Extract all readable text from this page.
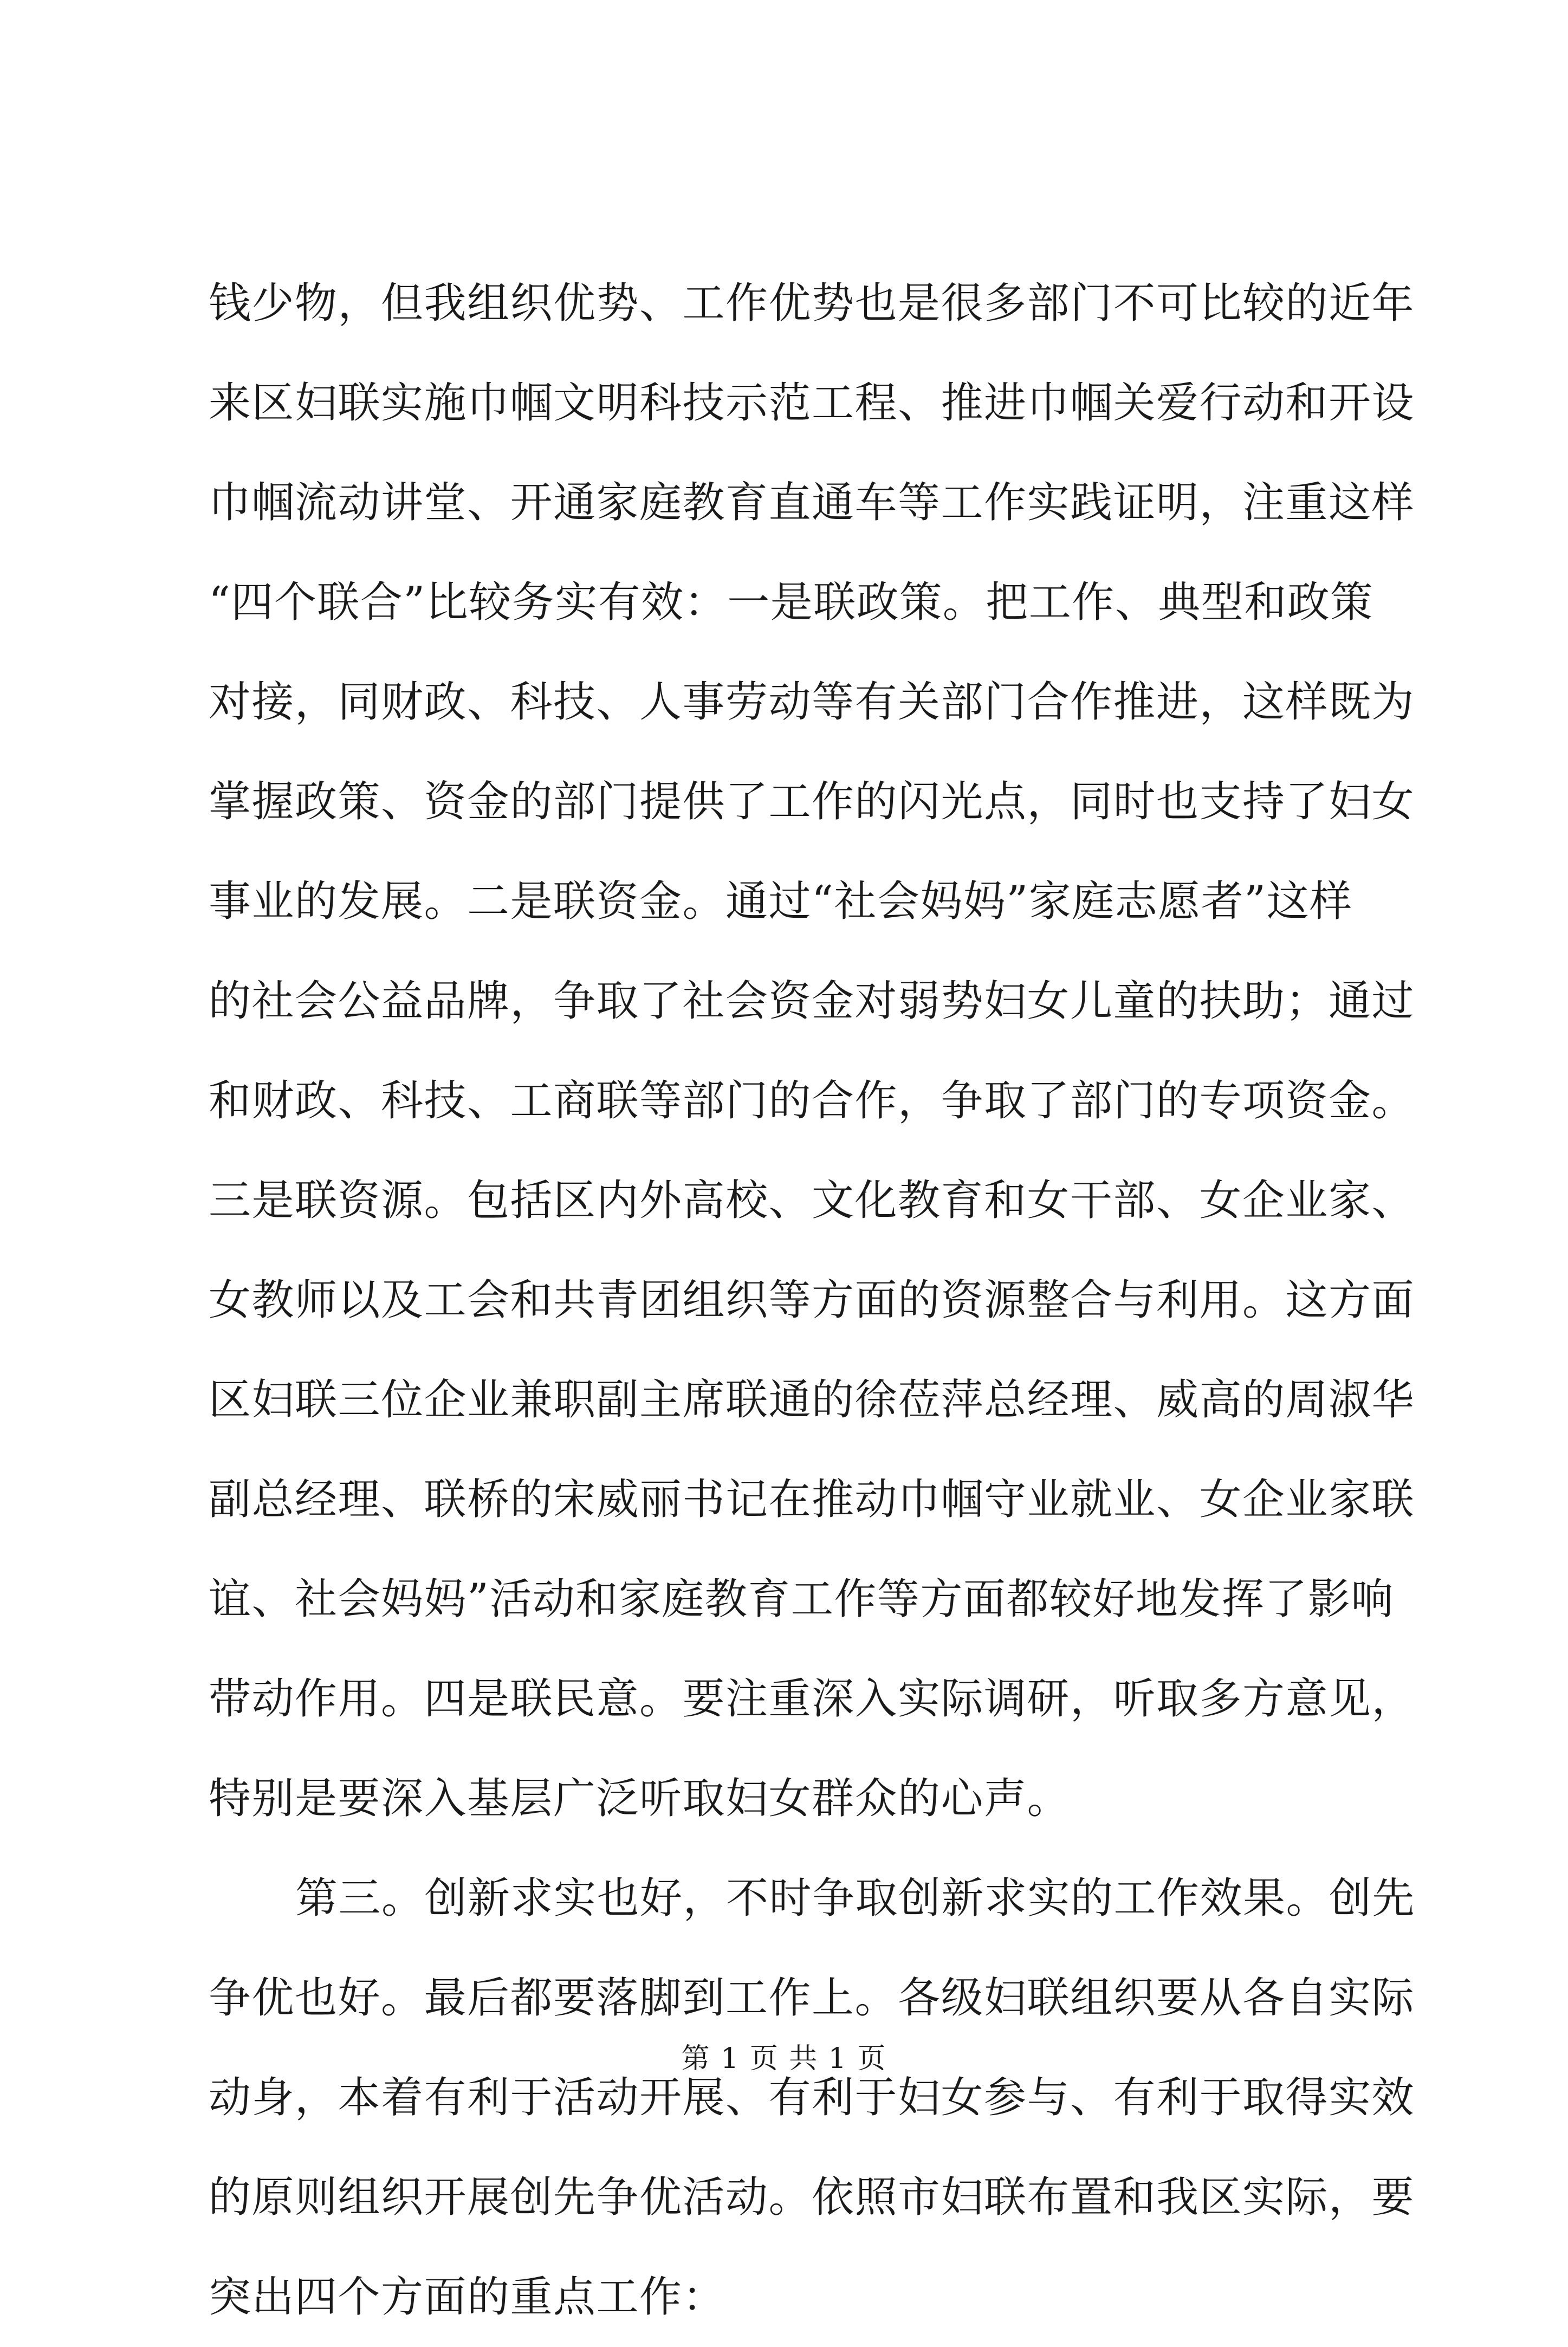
钱少物，但我组织优势、工作优势也是很多部门不可比较的近年
来区妇联实施巾帼文明科技示范工程、推进巾帼关爱行动和开设
巾帼流动讲堂、开通家庭教育直通车等工作实践证明，注重这样
“四个联合”比较务实有效：一是联政策。把工作、典型和政策
对接，同财政、科技、人事劳动等有关部门合作推进，这样既为
掌握政策、资金的部门提供了工作的闪光点，同时也支持了妇女
事业的发展。二是联资金。通过“社会妈妈”家庭志愿者”这样
的社会公益品牌，争取了社会资金对弱势妇女儿童的扶助；通过
和财政、科技、工商联等部门的合作，争取了部门的专项资金。
三是联资源。包括区内外高校、文化教育和女干部、女企业家、
女教师以及工会和共青团组织等方面的资源整合与利用。这方面
区妇联三位企业兼职副主席联通的徐莅萍总经理、威高的周淑华
副总经理、联桥的宋威丽书记在推动巾帼守业就业、女企业家联
谊、社会妈妈”活动和家庭教育工作等方面都较好地发挥了影响
带动作用。四是联民意。要注重深入实际调研，听取多方意见，
特别是要深入基层广泛听取妇女群众的心声。
第三。创新求实也好，不时争取创新求实的工作效果。创先
争优也好。最后都要落脚到工作上。各级妇联组织要从各自实际
动身，本着有利于活动开展、有利于妇女参与、有利于取得实效
的原则组织开展创先争优活动。依照市妇联布置和我区实际，要
突出四个方面的重点工作：
第 1 页 共 1 页
